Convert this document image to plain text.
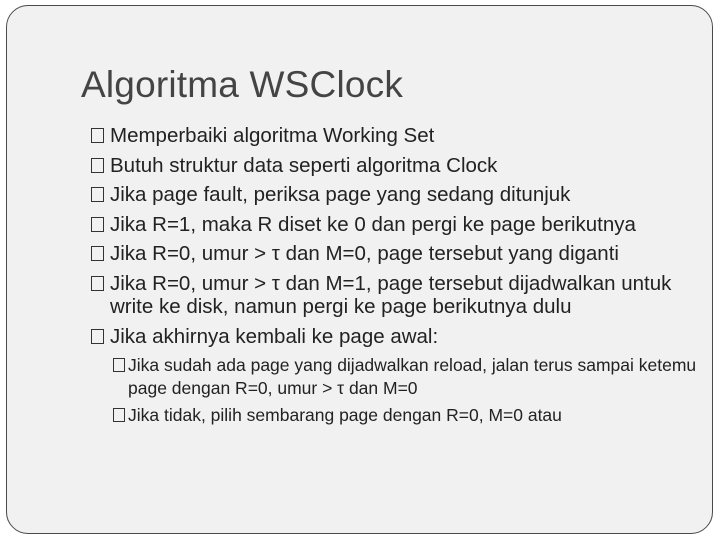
Algoritma WSClock
Memperbaiki algoritma Working Set
Butuh struktur data seperti algoritma Clock
Jika page fault, periksa page yang sedang ditunjuk
Jika R=1, maka R diset ke 0 dan pergi ke page berikutnya
Jika R=0, umur > τ dan M=0, page tersebut yang diganti
Jika R=0, umur > τ dan M=1, page tersebut dijadwalkan untuk write ke disk, namun pergi ke page berikutnya dulu
Jika akhirnya kembali ke page awal:
Jika sudah ada page yang dijadwalkan reload, jalan terus sampai ketemu page dengan R=0, umur > τ dan M=0
Jika tidak, pilih sembarang page dengan R=0, M=0 atau
